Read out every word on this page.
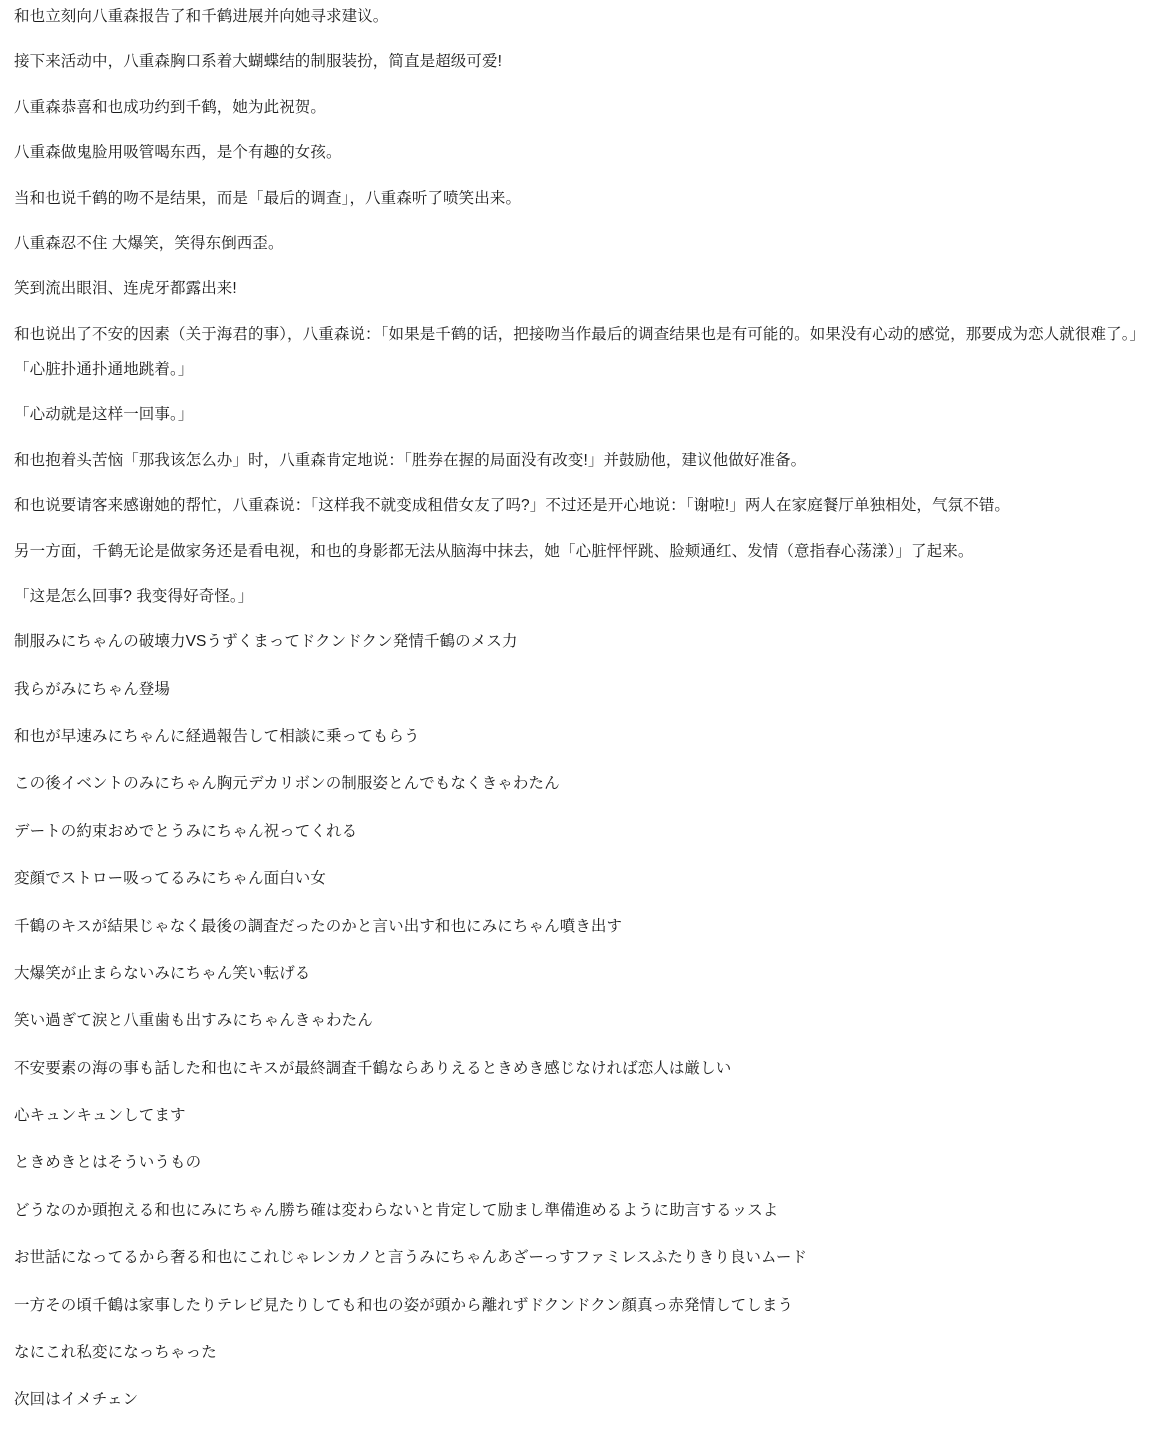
和也立刻向八重森报告了和千鹤进展并向她寻求建议。

接下来活动中，八重森胸口系着大蝴蝶结的制服装扮，简直是超级可爱!

八重森恭喜和也成功约到千鹤，她为此祝贺。

八重森做鬼脸用吸管喝东西，是个有趣的女孩。

当和也说千鹤的吻不是结果，而是「最后的调查」，八重森听了喷笑出来。

八重森忍不住 大爆笑，笑得东倒西歪。

笑到流出眼泪、连虎牙都露出来!

和也说出了不安的因素（关于海君的事），八重森说：「如果是千鹤的话，把接吻当作最后的调查结果也是有可能的。如果没有心动的感觉，那要成为恋人就很难了。」

「心脏扑通扑通地跳着。」

「心动就是这样一回事。」

和也抱着头苦恼「那我该怎么办」时，八重森肯定地说：「胜券在握的局面没有改变!」并鼓励他，建议他做好准备。

和也说要请客来感谢她的帮忙，八重森说：「这样我不就变成租借女友了吗?」不过还是开心地说：「谢啦!」两人在家庭餐厅单独相处，气氛不错。

另一方面，千鹤无论是做家务还是看电视，和也的身影都无法从脑海中抹去，她「心脏怦怦跳、脸颊通红、发情（意指春心荡漾）」了起来。

「这是怎么回事? 我变得好奇怪。」

制服みにちゃんの破壊力VSうずくまってドクンドクン発情千鶴のメス力

我らがみにちゃん登場

和也が早速みにちゃんに経過報告して相談に乗ってもらう

この後イベントのみにちゃん胸元デカリボンの制服姿とんでもなくきゃわたん

デートの約束おめでとうみにちゃん祝ってくれる

変顔でストロー吸ってるみにちゃん面白い女

千鶴のキスが結果じゃなく最後の調査だったのかと言い出す和也にみにちゃん噴き出す

大爆笑が止まらないみにちゃん笑い転げる

笑い過ぎて涙と八重歯も出すみにちゃんきゃわたん

不安要素の海の事も話した和也にキスが最終調査千鶴ならありえるときめき感じなければ恋人は厳しい

心キュンキュンしてます

ときめきとはそういうもの

どうなのか頭抱える和也にみにちゃん勝ち確は変わらないと肯定して励まし準備進めるように助言するッスよ

お世話になってるから奢る和也にこれじゃレンカノと言うみにちゃんあざーっすファミレスふたりきり良いムード

一方その頃千鶴は家事したりテレビ見たりしても和也の姿が頭から離れずドクンドクン顔真っ赤発情してしまう

なにこれ私変になっちゃった

次回はイメチェン
